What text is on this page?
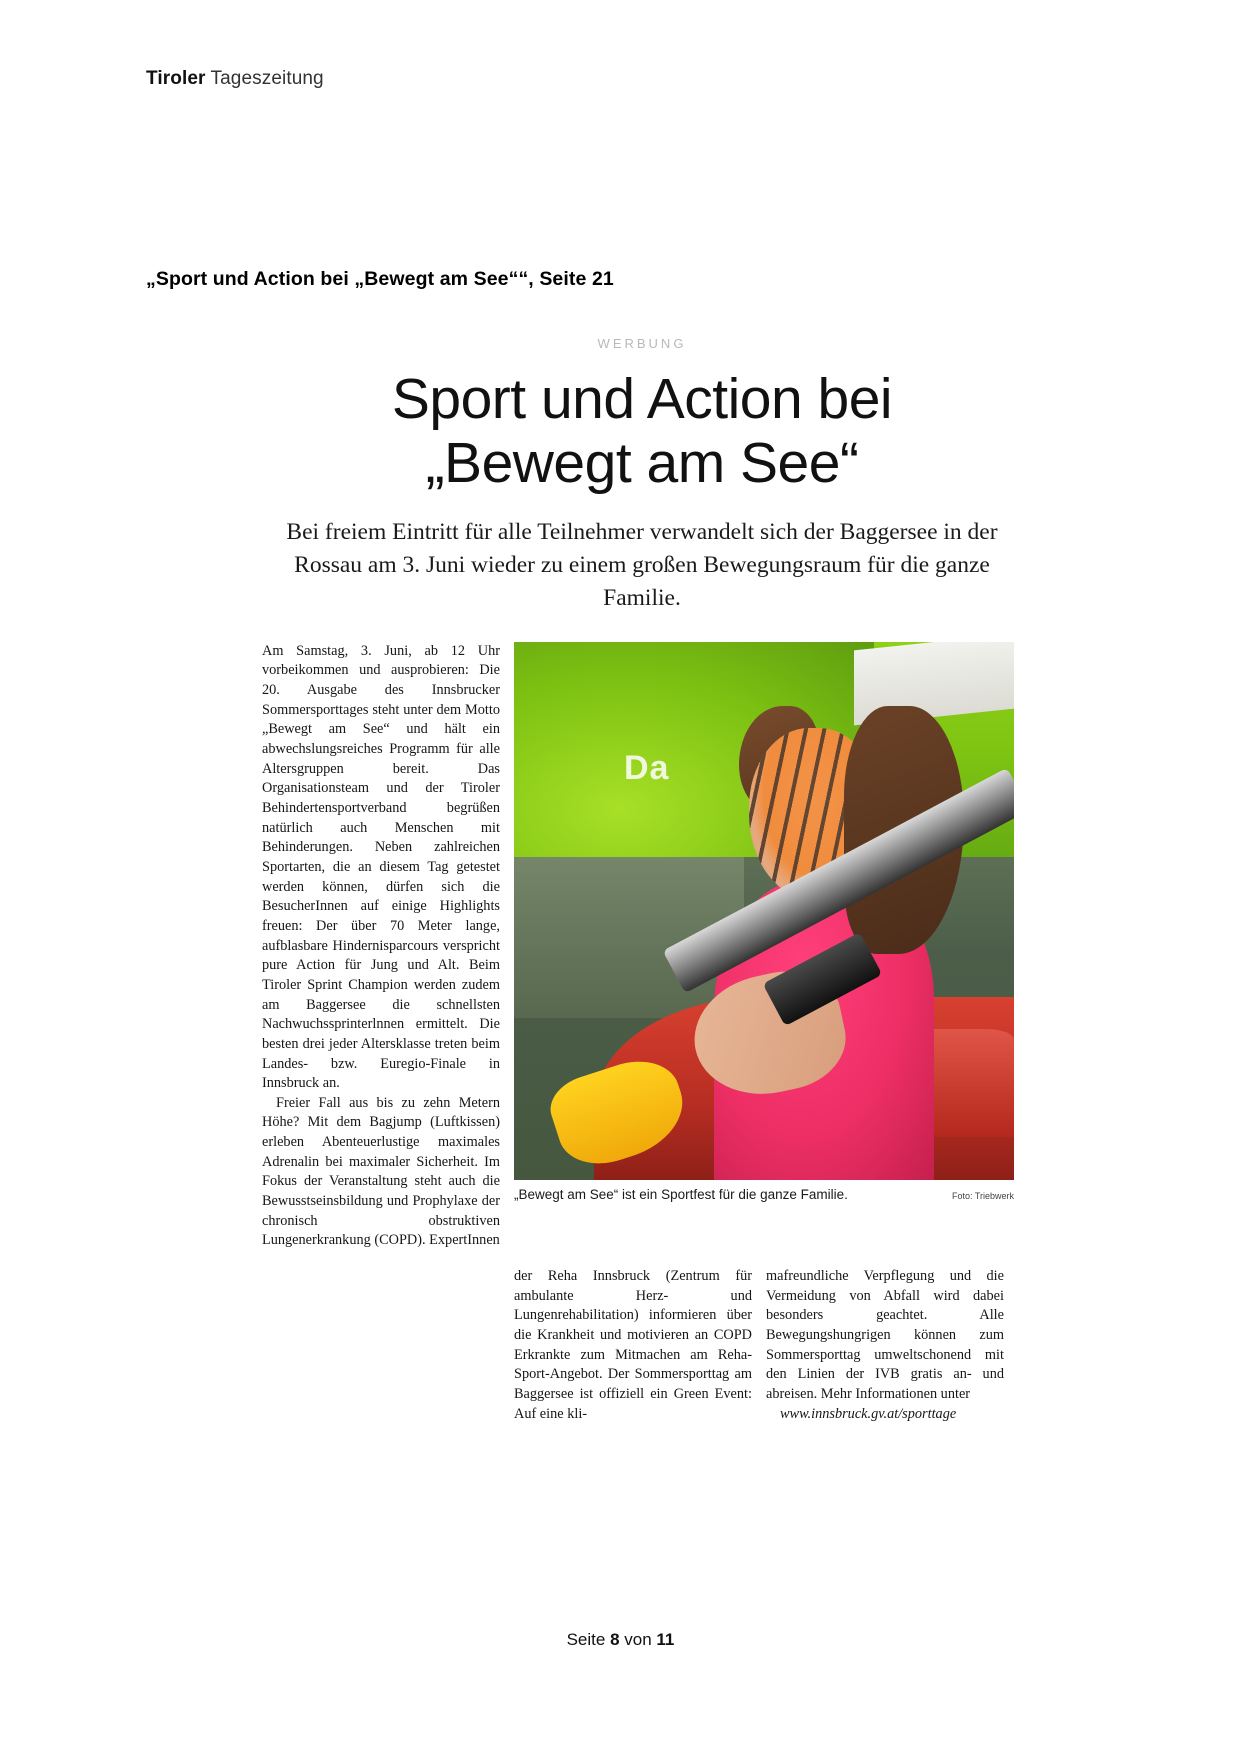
Tiroler Tageszeitung
„Sport und Action bei „Bewegt am See““, Seite 21
WERBUNG
Sport und Action bei
„Bewegt am See“
Bei freiem Eintritt für alle Teilnehmer verwandelt sich der Baggersee in der Rossau am 3. Juni wieder zu einem großen Bewegungsraum für die ganze Familie.

Am Samstag, 3. Juni, ab 12 Uhr vorbeikommen und ausprobieren: Die 20. Ausgabe des Innsbrucker Sommersporttages steht unter dem Motto „Bewegt am See“ und hält ein abwechslungsreiches Programm für alle Altersgruppen bereit. Das Organisationsteam und der Tiroler Behindertensportverband begrüßen natürlich auch Menschen mit Behinderungen. Neben zahlreichen Sportarten, die an diesem Tag getestet werden können, dürfen sich die BesucherInnen auf einige Highlights freuen: Der über 70 Meter lange, aufblasbare Hindernisparcours verspricht pure Action für Jung und Alt. Beim Tiroler Sprint Champion werden zudem am Baggersee die schnellsten Nachwuchssprinterlnnen ermittelt. Die besten drei jeder Altersklasse treten beim Landes- bzw. Euregio-Finale in Innsbruck an.

Freier Fall aus bis zu zehn Metern Höhe? Mit dem Bagjump (Luftkissen) erleben Abenteuerlustige maximales Adrenalin bei maximaler Sicherheit. Im Fokus der Veranstaltung steht auch die Bewusstseinsbildung und Prophylaxe der chronisch obstruktiven Lungenerkrankung (COPD). ExpertInnen

Da
„Bewegt am See“ ist ein Sportfest für die ganze Familie.	Foto: Triebwerk

der Reha Innsbruck (Zentrum für ambulante Herz- und Lungenrehabilitation) informieren über die Krankheit und motivieren an COPD Erkrankte zum Mitmachen am Reha-Sport-Angebot. Der Sommersporttag am Baggersee ist offiziell ein Green Event: Auf eine kli-

mafreundliche Verpflegung und die Vermeidung von Abfall wird dabei besonders geachtet. Alle Bewegungshungrigen können zum Sommersporttag umweltschonend mit den Linien der IVB gratis an- und abreisen. Mehr Informationen unter

www.innsbruck.gv.at/sporttage

Seite 8 von 11
